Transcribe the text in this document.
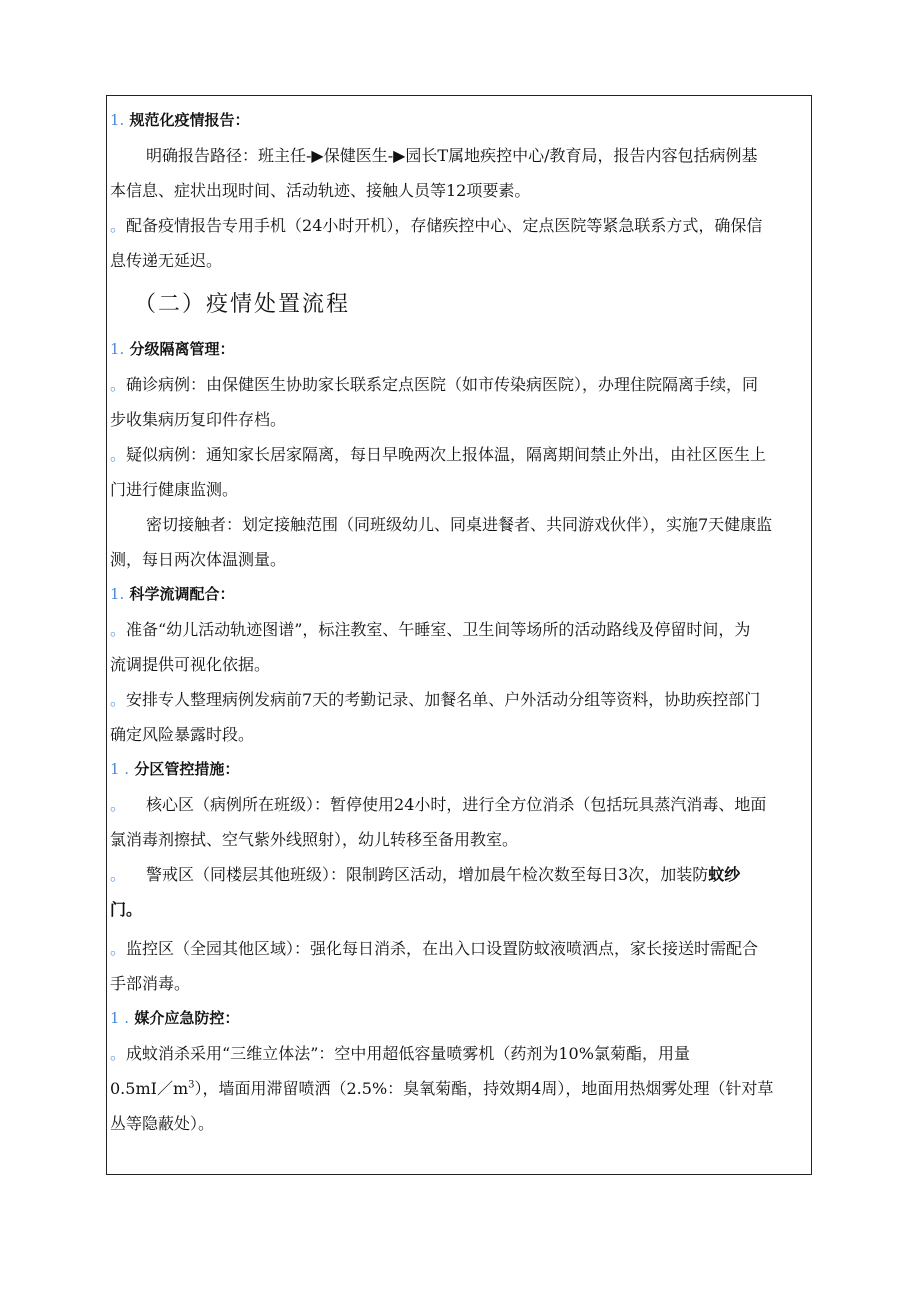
1. 规范化疫情报告：
明确报告路径：班主任-▶保健医生-▶园长T属地疾控中心/教育局，报告内容包括病例基
本信息、症状出现时间、活动轨迹、接触人员等12项要素。
。配备疫情报告专用手机（24小时开机），存储疾控中心、定点医院等紧急联系方式，确保信
息传递无延迟。
（二）疫情处置流程
1. 分级隔离管理：
。确诊病例：由保健医生协助家长联系定点医院（如市传染病医院），办理住院隔离手续，同
步收集病历复印件存档。
。疑似病例：通知家长居家隔离，每日早晚两次上报体温，隔离期间禁止外出，由社区医生上
门进行健康监测。
密切接触者：划定接触范围（同班级幼儿、同桌进餐者、共同游戏伙伴），实施7天健康监
测，每日两次体温测量。
1. 科学流调配合：
。准备“幼儿活动轨迹图谱”，标注教室、午睡室、卫生间等场所的活动路线及停留时间，为
流调提供可视化依据。
。安排专人整理病例发病前7天的考勤记录、加餐名单、户外活动分组等资料，协助疾控部门
确定风险暴露时段。
1 . 分区管控措施：
。 核心区（病例所在班级）：暂停使用24小时，进行全方位消杀（包括玩具蒸汽消毒、地面
氯消毒剂擦拭、空气紫外线照射），幼儿转移至备用教室。
。 警戒区（同楼层其他班级）：限制跨区活动，增加晨午检次数至每日3次，加装防蚊纱
门。
。监控区（全园其他区域）：强化每日消杀，在出入口设置防蚊液喷洒点，家长接送时需配合
手部消毒。
1 . 媒介应急防控：
。成蚊消杀采用“三维立体法”：空中用超低容量喷雾机（药剂为10%氯菊酯，用量
$0.5mI/m^3$），墙面用滞留喷洒（2.5%：臭氧菊酯，持效期4周），地面用热烟雾处理（针对草
丛等隐蔽处）。
